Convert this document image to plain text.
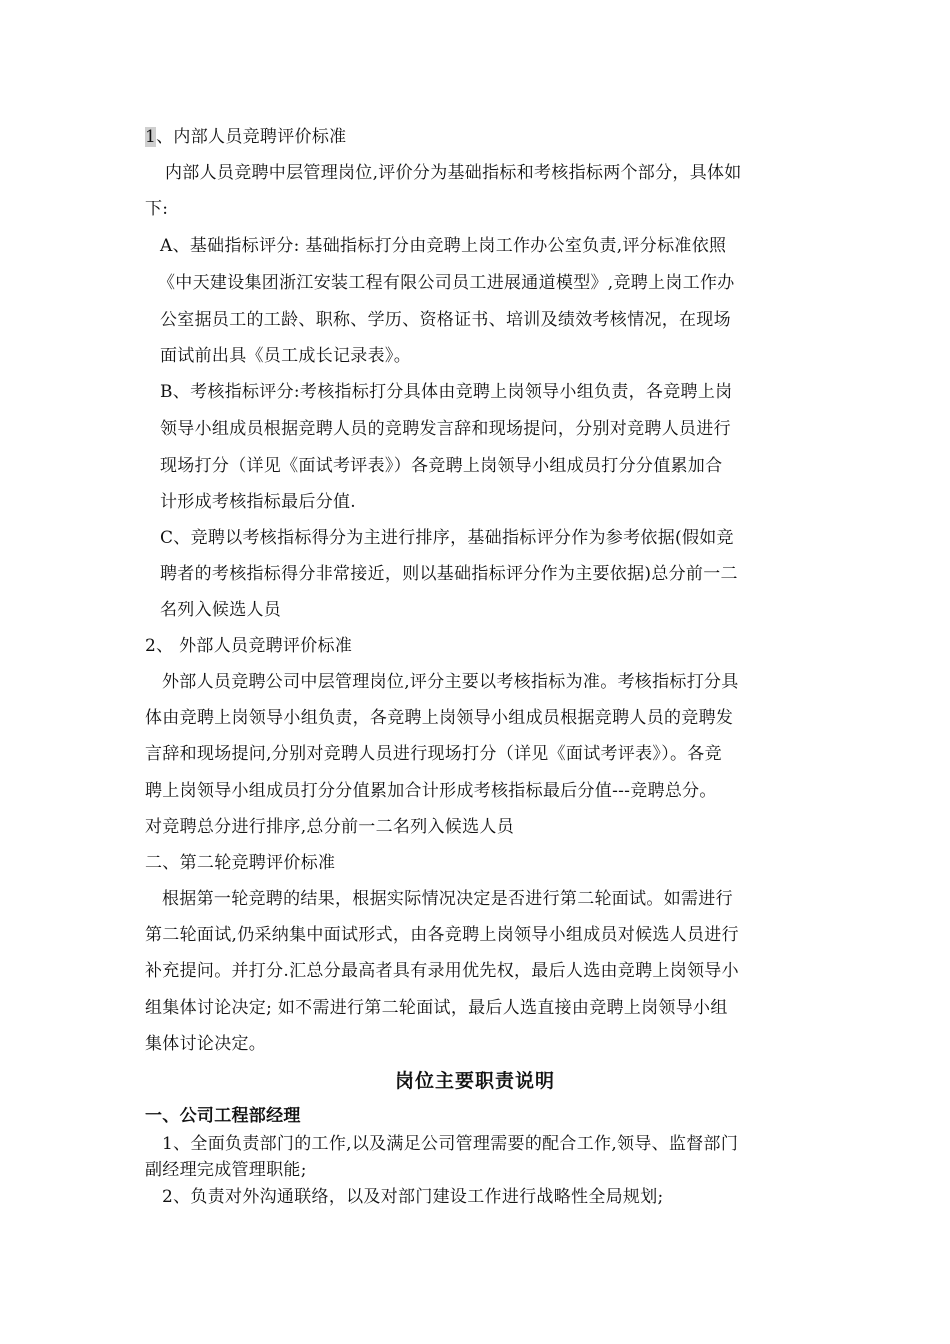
1、内部人员竞聘评价标准
内部人员竞聘中层管理岗位,评价分为基础指标和考核指标两个部分，具体如
下:
A、基础指标评分: 基础指标打分由竞聘上岗工作办公室负责,评分标准依照
《中天建设集团浙江安装工程有限公司员工进展通道模型》,竞聘上岗工作办
公室据员工的工龄、职称、学历、资格证书、培训及绩效考核情况，在现场
面试前出具《员工成长记录表》。
B、考核指标评分:考核指标打分具体由竞聘上岗领导小组负责，各竞聘上岗
领导小组成员根据竞聘人员的竞聘发言辞和现场提问，分别对竞聘人员进行
现场打分（详见《面试考评表》）各竞聘上岗领导小组成员打分分值累加合
计形成考核指标最后分值.
C、竞聘以考核指标得分为主进行排序，基础指标评分作为参考依据(假如竞
聘者的考核指标得分非常接近，则以基础指标评分作为主要依据)总分前一二
名列入候选人员
2、 外部人员竞聘评价标准
外部人员竞聘公司中层管理岗位,评分主要以考核指标为准。考核指标打分具
体由竞聘上岗领导小组负责，各竞聘上岗领导小组成员根据竞聘人员的竞聘发
言辞和现场提问,分别对竞聘人员进行现场打分（详见《面试考评表》）。各竞
聘上岗领导小组成员打分分值累加合计形成考核指标最后分值---竞聘总分。
对竞聘总分进行排序,总分前一二名列入候选人员
二、第二轮竞聘评价标准
根据第一轮竞聘的结果，根据实际情况决定是否进行第二轮面试。如需进行
第二轮面试,仍采纳集中面试形式，由各竞聘上岗领导小组成员对候选人员进行
补充提问。并打分.汇总分最高者具有录用优先权，最后人选由竞聘上岗领导小
组集体讨论决定; 如不需进行第二轮面试，最后人选直接由竞聘上岗领导小组
集体讨论决定。
岗位主要职责说明
一、公司工程部经理
1、全面负责部门的工作,以及满足公司管理需要的配合工作,领导、监督部门
副经理完成管理职能;
2、负责对外沟通联络，以及对部门建设工作进行战略性全局规划;
